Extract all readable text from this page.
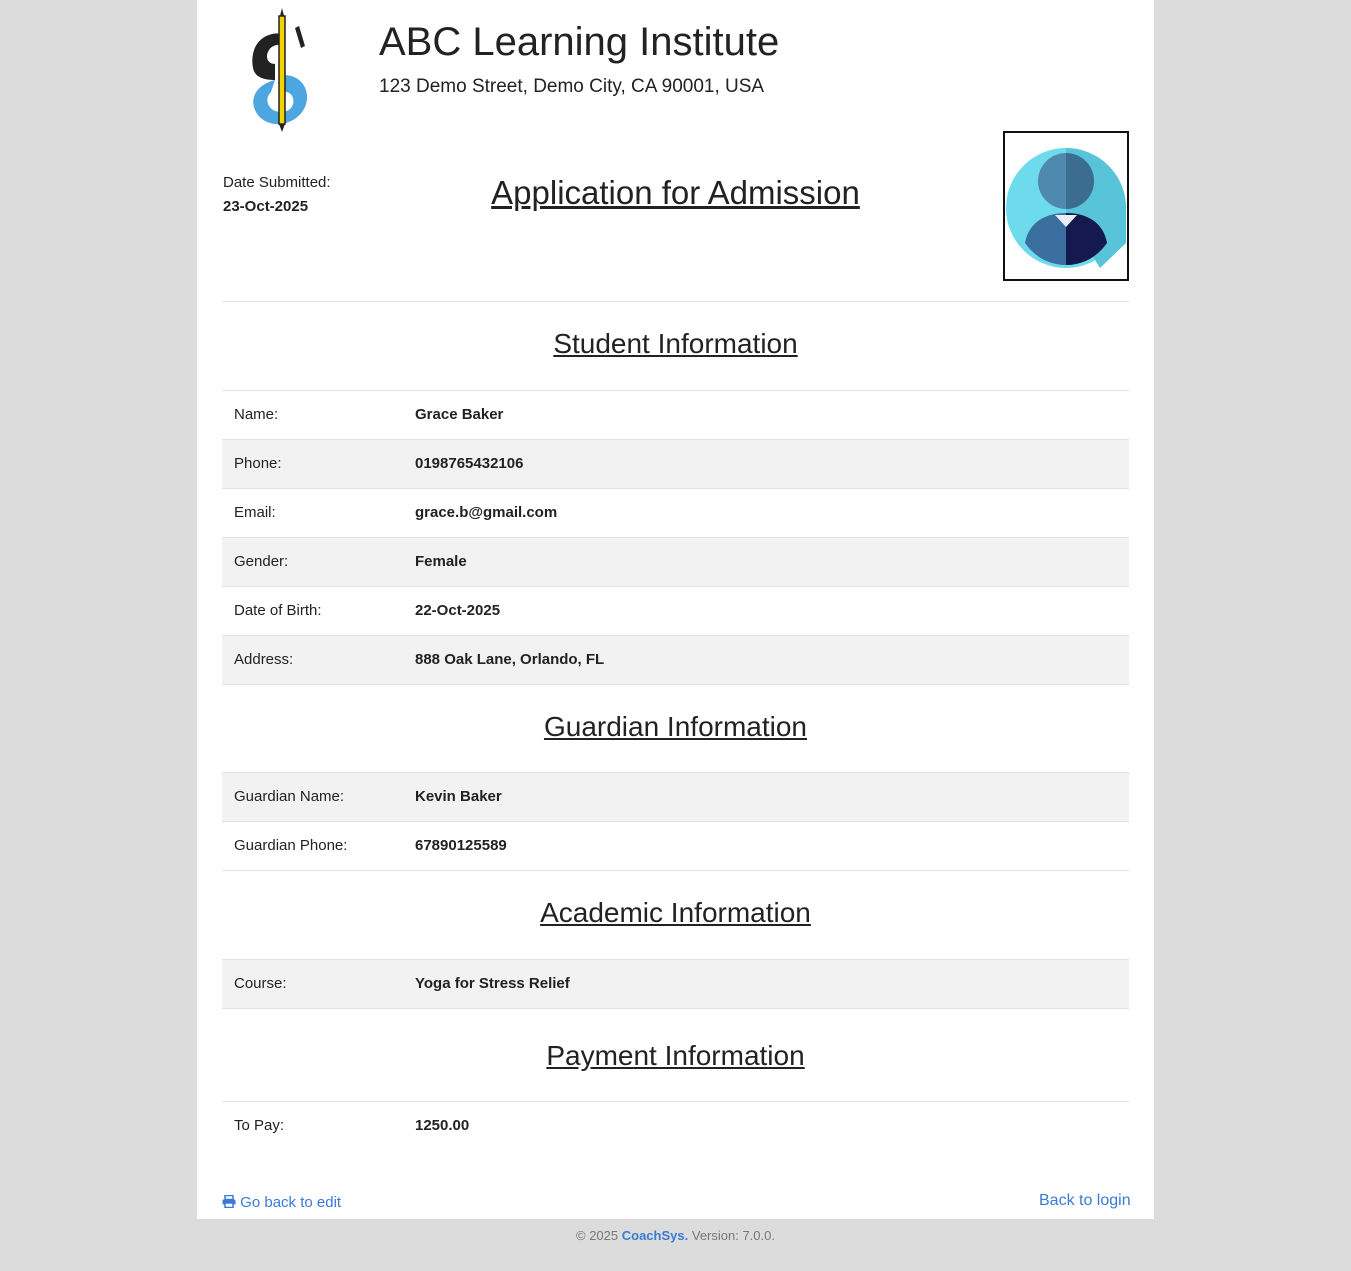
ABC Learning Institute
123 Demo Street, Demo City, CA 90001, USA
Date Submitted:
23-Oct-2025	Application for Admission
Student Information
Name:	Grace Baker
Phone:	0198765432106
Email:	grace.b@gmail.com
Gender:	Female
Date of Birth:	22-Oct-2025
Address:	888 Oak Lane, Orlando, FL
Guardian Information
Guardian Name:	Kevin Baker
Guardian Phone:	67890125589
Academic Information
Course:	Yoga for Stress Relief
Payment Information
To Pay:	1250.00
Go back to edit	Back to login
© 2025 CoachSys. Version: 7.0.0.
